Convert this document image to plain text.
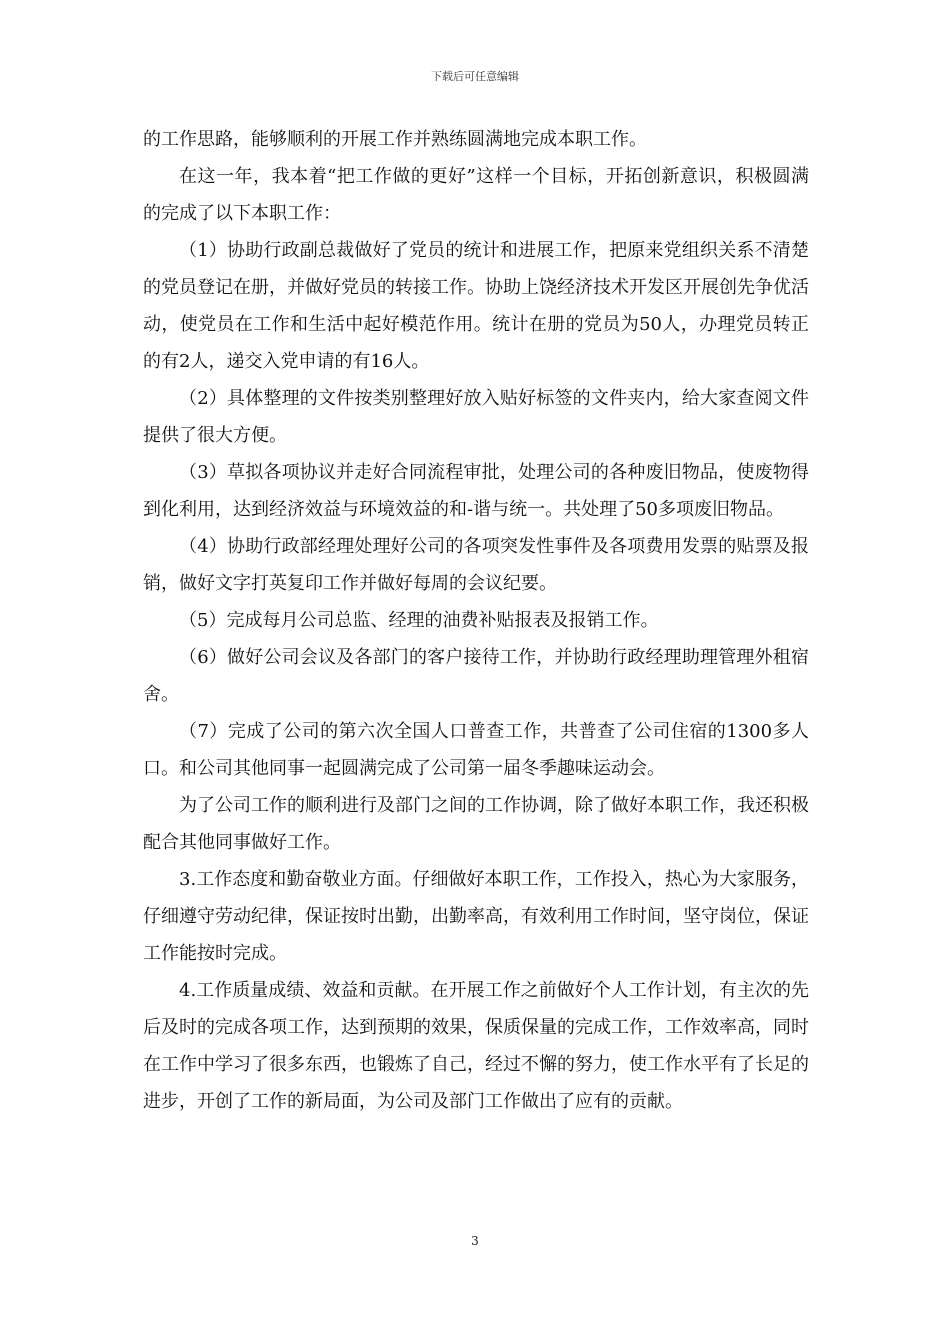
下载后可任意编辑

的工作思路，能够顺利的开展工作并熟练圆满地完成本职工作。

在这一年，我本着“把工作做的更好”这样一个目标，开拓创新意识，积极圆满的完成了以下本职工作：

（1）协助行政副总裁做好了党员的统计和进展工作，把原来党组织关系不清楚的党员登记在册，并做好党员的转接工作。协助上饶经济技术开发区开展创先争优活动，使党员在工作和生活中起好模范作用。统计在册的党员为50人，办理党员转正的有2人，递交入党申请的有16人。

（2）具体整理的文件按类别整理好放入贴好标签的文件夹内，给大家查阅文件提供了很大方便。

（3）草拟各项协议并走好合同流程审批，处理公司的各种废旧物品，使废物得到化利用，达到经济效益与环境效益的和-谐与统一。共处理了50多项废旧物品。

（4）协助行政部经理处理好公司的各项突发性事件及各项费用发票的贴票及报销，做好文字打英复印工作并做好每周的会议纪要。

（5）完成每月公司总监、经理的油费补贴报表及报销工作。

（6）做好公司会议及各部门的客户接待工作，并协助行政经理助理管理外租宿舍。

（7）完成了公司的第六次全国人口普查工作，共普查了公司住宿的1300多人口。和公司其他同事一起圆满完成了公司第一届冬季趣味运动会。

为了公司工作的顺利进行及部门之间的工作协调，除了做好本职工作，我还积极配合其他同事做好工作。

3.工作态度和勤奋敬业方面。仔细做好本职工作，工作投入，热心为大家服务，仔细遵守劳动纪律，保证按时出勤，出勤率高，有效利用工作时间，坚守岗位，保证工作能按时完成。

4.工作质量成绩、效益和贡献。在开展工作之前做好个人工作计划，有主次的先后及时的完成各项工作，达到预期的效果，保质保量的完成工作，工作效率高，同时在工作中学习了很多东西，也锻炼了自己，经过不懈的努力，使工作水平有了长足的进步，开创了工作的新局面，为公司及部门工作做出了应有的贡献。

3
